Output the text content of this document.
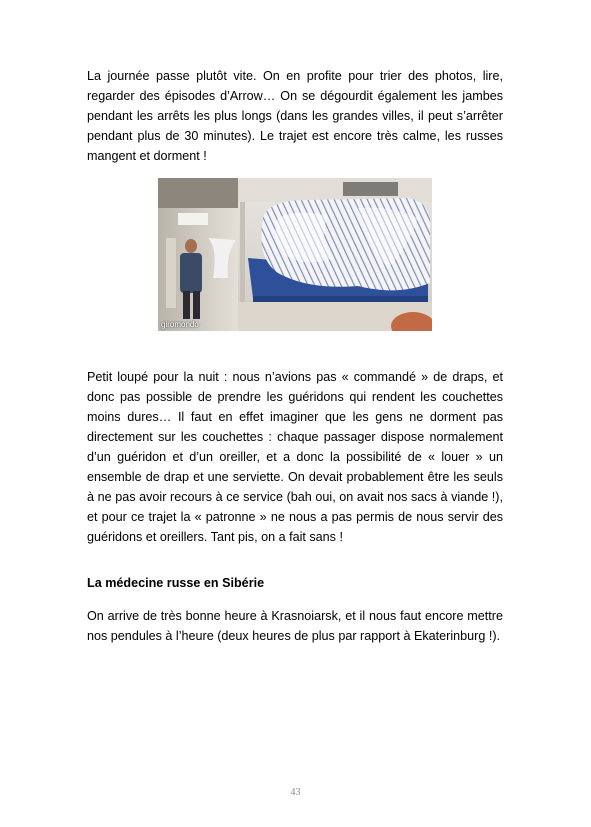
La journée passe plutôt vite. On en profite pour trier des photos, lire, regarder des épisodes d’Arrow… On se dégourdit également les jambes pendant les arrêts les plus longs (dans les grandes villes, il peut s’arrêter pendant plus de 30 minutes). Le trajet est encore très calme, les russes mangent et dorment !

giromondo

Petit loupé pour la nuit : nous n’avions pas « commandé » de draps, et donc pas possible de prendre les guéridons qui rendent les couchettes moins dures… Il faut en effet imaginer que les gens ne dorment pas directement sur les couchettes : chaque passager dispose normalement d’un guéridon et d’un oreiller, et a donc la possibilité de « louer » un ensemble de drap et une serviette. On devait probablement être les seuls à ne pas avoir recours à ce service (bah oui, on avait nos sacs à viande !), et pour ce trajet la « patronne » ne nous a pas permis de nous servir des guéridons et oreillers. Tant pis, on a fait sans !

La médecine russe en Sibérie

On arrive de très bonne heure à Krasnoiarsk, et il nous faut encore mettre nos pendules à l’heure (deux heures de plus par rapport à Ekaterinburg !).

43
